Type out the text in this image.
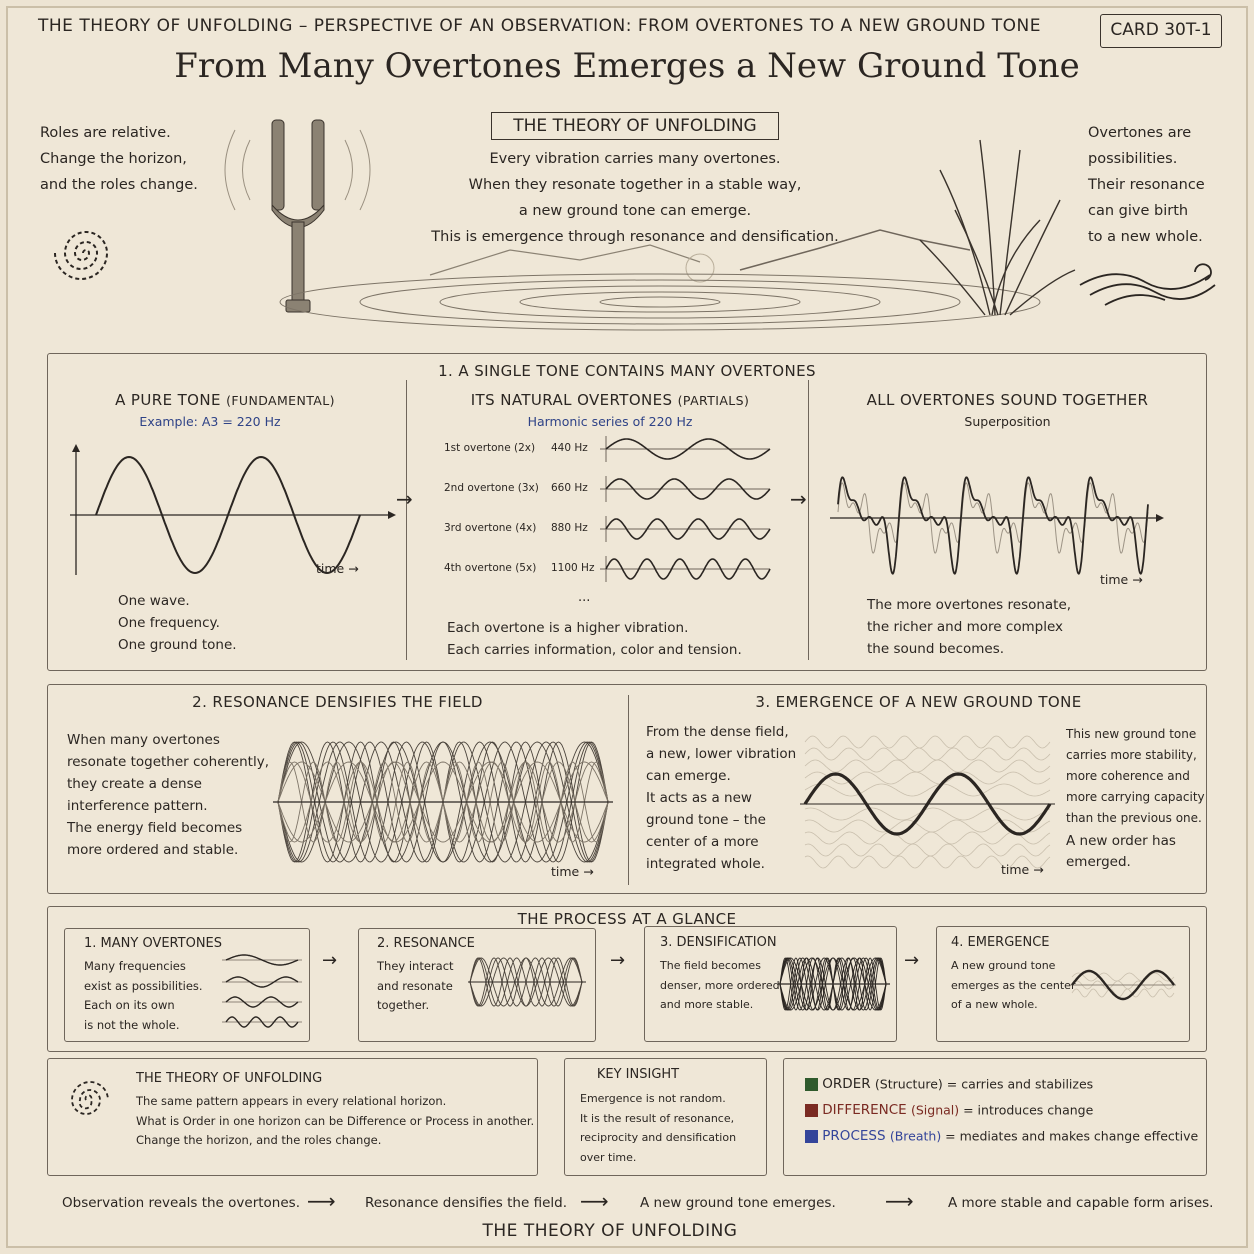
THE THEORY OF UNFOLDING – PERSPECTIVE OF AN OBSERVATION: FROM OVERTONES TO A NEW GROUND TONE	CARD 30T-1
From Many Overtones Emerges a New Ground Tone
Roles are relative.
Change the horizon,
and the roles change.
THE THEORY OF UNFOLDING
Every vibration carries many overtones.
When they resonate together in a stable way,
a new ground tone can emerge.
This is emergence through resonance and densification.
Overtones are
possibilities.
Their resonance
can give birth
to a new whole.
1. A SINGLE TONE CONTAINS MANY OVERTONES
A PURE TONE (FUNDAMENTAL)
Example: A3 = 220 Hz
time →
One wave.
One frequency.
One ground tone.
→
ITS NATURAL OVERTONES (PARTIALS)
Harmonic series of 220 Hz
1st overtone (2x) 440 Hz
2nd overtone (3x) 660 Hz
3rd overtone (4x) 880 Hz
4th overtone (5x) 1100 Hz
...
Each overtone is a higher vibration.
Each carries information, color and tension.
→
ALL OVERTONES SOUND TOGETHER
Superposition
time →
The more overtones resonate,
the richer and more complex
the sound becomes.
2. RESONANCE DENSIFIES THE FIELD
When many overtones
resonate together coherently,
they create a dense
interference pattern.
The energy field becomes
more ordered and stable.
time →
3. EMERGENCE OF A NEW GROUND TONE
From the dense field,
a new, lower vibration
can emerge.
It acts as a new
ground tone – the
center of a more
integrated whole.	time →
This new ground tone
carries more stability,
more coherence and
more carrying capacity
than the previous one.
A new order has
emerged.
THE PROCESS AT A GLANCE
1. MANY OVERTONES
Many frequencies
exist as possibilities.
Each on its own
is not the whole.
→
2. RESONANCE
They interact
and resonate
together.
→
3. DENSIFICATION
The field becomes
denser, more ordered
and more stable.
→
4. EMERGENCE
A new ground tone
emerges as the center
of a new whole.
THE THEORY OF UNFOLDING
The same pattern appears in every relational horizon.
What is Order in one horizon can be Difference or Process in another.
Change the horizon, and the roles change.
KEY INSIGHT
Emergence is not random.
It is the result of resonance,
reciprocity and densification
over time.
ORDER (Structure) = carries and stabilizes
DIFFERENCE (Signal) = introduces change
PROCESS (Breath) = mediates and makes change effective
Observation reveals the overtones.	Resonance densifies the field.	A new ground tone emerges.	A more stable and capable form arises.
⟶	⟶	⟶
THE THEORY OF UNFOLDING
